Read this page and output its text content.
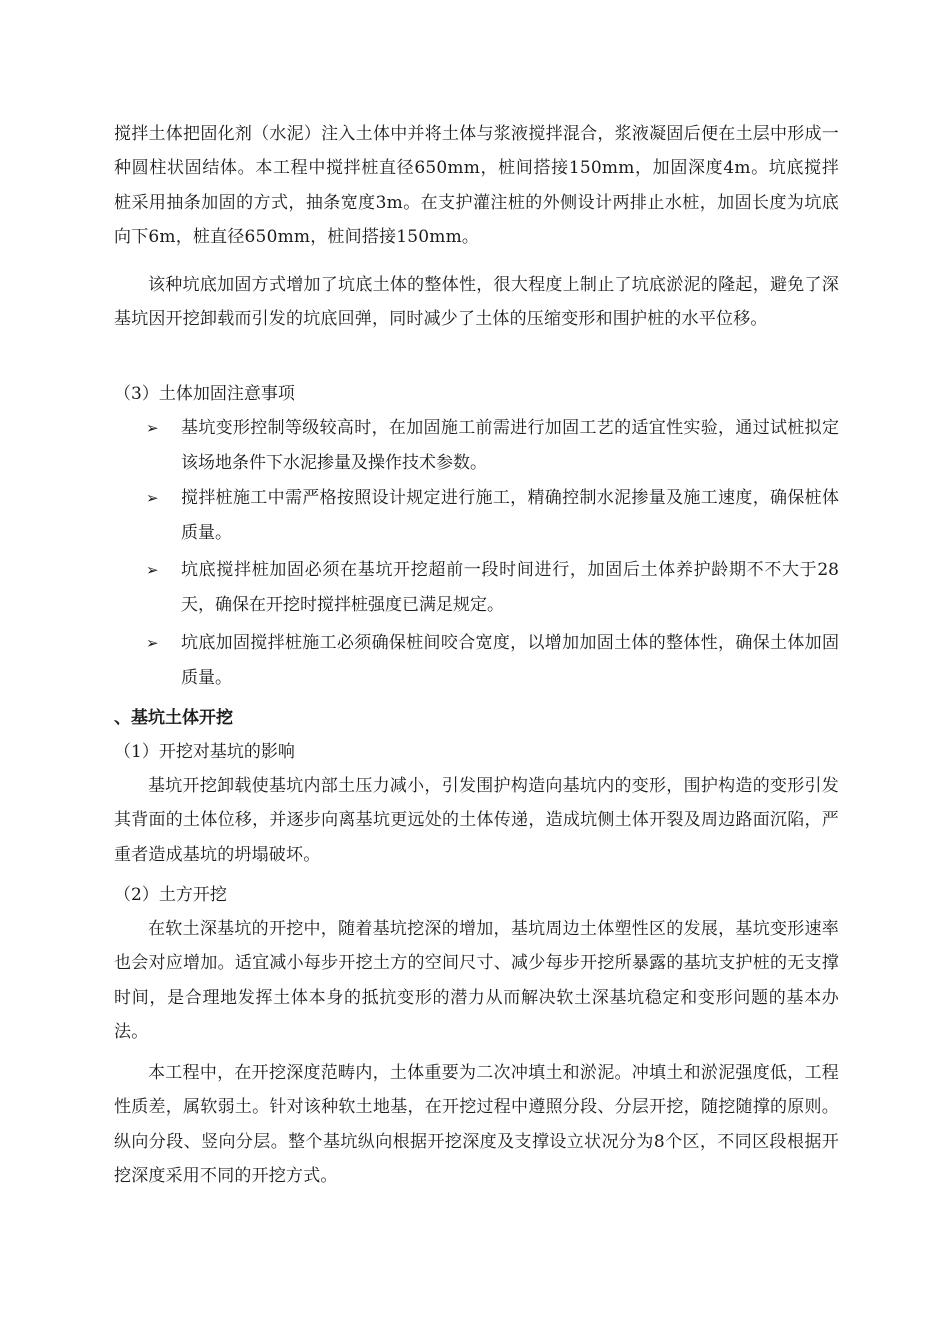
搅拌土体把固化剂（水泥）注入土体中并将土体与浆液搅拌混合，浆液凝固后便在土层中形成一种圆柱状固结体。本工程中搅拌桩直径650mm，桩间搭接150mm，加固深度4m。坑底搅拌桩采用抽条加固的方式，抽条宽度3m。在支护灌注桩的外侧设计两排止水桩，加固长度为坑底向下6m，桩直径650mm，桩间搭接150mm。

该种坑底加固方式增加了坑底土体的整体性，很大程度上制止了坑底淤泥的隆起，避免了深基坑因开挖卸载而引发的坑底回弹，同时减少了土体的压缩变形和围护桩的水平位移。

（3）土体加固注意事项
➢ 基坑变形控制等级较高时，在加固施工前需进行加固工艺的适宜性实验，通过试桩拟定该场地条件下水泥掺量及操作技术参数。
➢ 搅拌桩施工中需严格按照设计规定进行施工，精确控制水泥掺量及施工速度，确保桩体质量。
➢ 坑底搅拌桩加固必须在基坑开挖超前一段时间进行，加固后土体养护龄期不不大于28天，确保在开挖时搅拌桩强度已满足规定。
➢ 坑底加固搅拌桩施工必须确保桩间咬合宽度，以增加加固土体的整体性，确保土体加固质量。
、基坑土体开挖
（1）开挖对基坑的影响

基坑开挖卸载使基坑内部土压力减小，引发围护构造向基坑内的变形，围护构造的变形引发其背面的土体位移，并逐步向离基坑更远处的土体传递，造成坑侧土体开裂及周边路面沉陷，严重者造成基坑的坍塌破坏。

（2）土方开挖

在软土深基坑的开挖中，随着基坑挖深的增加，基坑周边土体塑性区的发展，基坑变形速率也会对应增加。适宜减小每步开挖土方的空间尺寸、减少每步开挖所暴露的基坑支护桩的无支撑时间，是合理地发挥土体本身的抵抗变形的潜力从而解决软土深基坑稳定和变形问题的基本办法。

本工程中，在开挖深度范畴内，土体重要为二次冲填土和淤泥。冲填土和淤泥强度低，工程性质差，属软弱土。针对该种软土地基，在开挖过程中遵照分段、分层开挖，随挖随撑的原则。纵向分段、竖向分层。整个基坑纵向根据开挖深度及支撑设立状况分为8个区，不同区段根据开挖深度采用不同的开挖方式。
